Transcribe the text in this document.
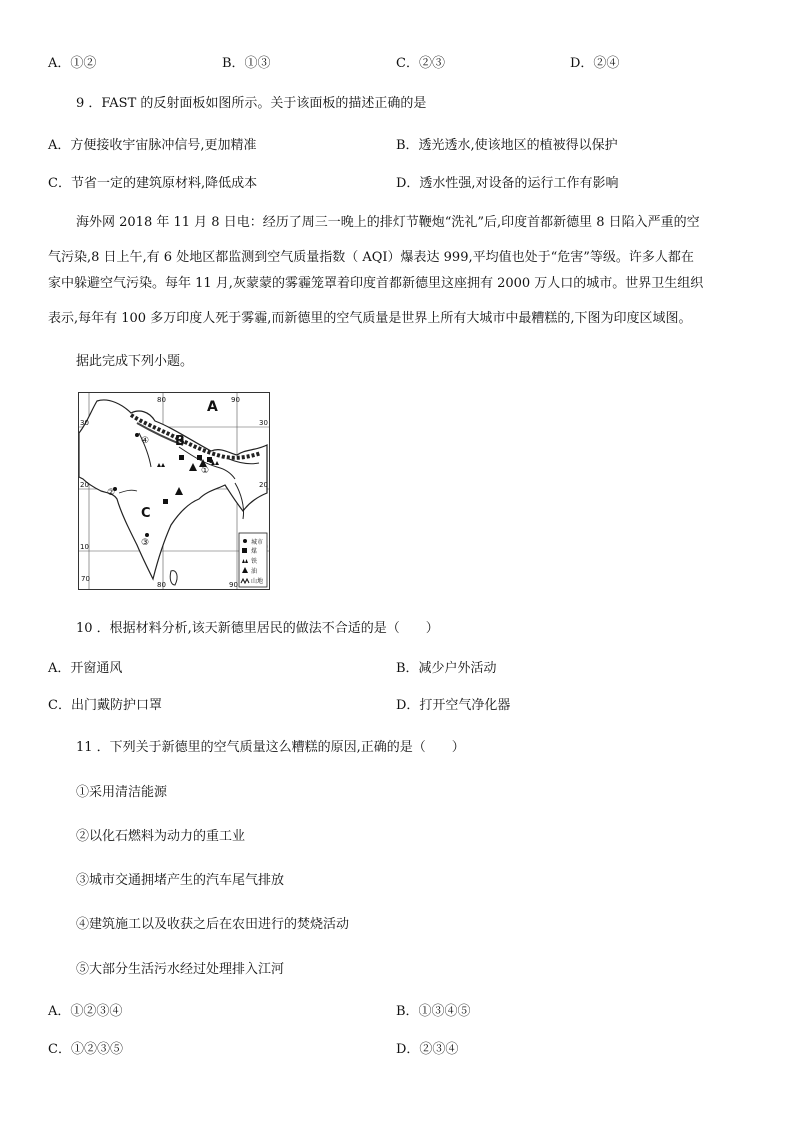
A．①②	B．①③	C．②③	D．②④
9 ．FAST 的反射面板如图所示。关于该面板的描述正确的是
A．方便接收宇宙脉冲信号,更加精准	B．透光透水,使该地区的植被得以保护
C．节省一定的建筑原材料,降低成本	D．透水性强,对设备的运行工作有影响
海外网 2018 年 11 月 8 日电：经历了周三一晚上的排灯节鞭炮“洗礼”后,印度首都新德里 8 日陷入严重的空
气污染,8 日上午,有 6 处地区都监测到空气质量指数（ AQI）爆表达 999,平均值也处于“危害”等级。许多人都在
家中躲避空气污染。每年 11 月,灰蒙蒙的雾霾笼罩着印度首都新德里这座拥有 2000 万人口的城市。世界卫生组织
表示,每年有 100 多万印度人死于雾霾,而新德里的空气质量是世界上所有大城市中最糟糕的,下图为印度区域图。
据此完成下列小题。
A
B
C
①
②
③
④
70
80	90
80	90
30
20
10
30
20
城市
煤
铁
油
山地
10 ．根据材料分析,该天新德里居民的做法不合适的是（　　）
A．开窗通风	B．减少户外活动
C．出门戴防护口罩	D．打开空气净化器
11 ．下列关于新德里的空气质量这么糟糕的原因,正确的是（　　）
①采用清洁能源
②以化石燃料为动力的重工业
③城市交通拥堵产生的汽车尾气排放
④建筑施工以及收获之后在农田进行的焚烧活动
⑤大部分生活污水经过处理排入江河
A．①②③④	B．①③④⑤
C．①②③⑤	D．②③④
